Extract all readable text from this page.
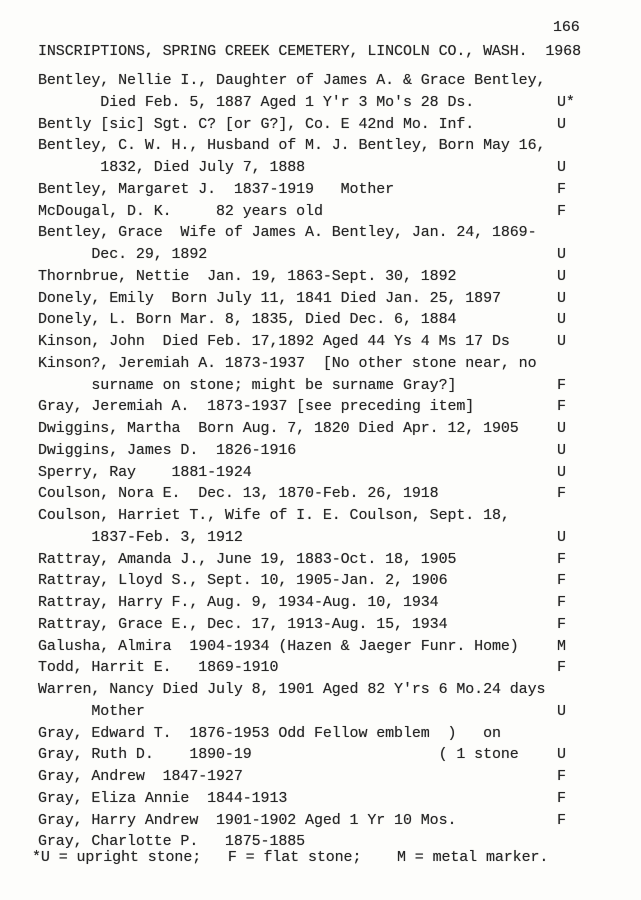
166
INSCRIPTIONS, SPRING CREEK CEMETERY, LINCOLN CO., WASH.  1968
Bentley, Nellie I., Daughter of James A. & Grace Bentley,
Died Feb. 5, 1887 Aged 1 Y'r 3 Mo's 28 Ds.	U*
Bently [sic] Sgt. C? [or G?], Co. E 42nd Mo. Inf.	U
Bentley, C. W. H., Husband of M. J. Bentley, Born May 16,
1832, Died July 7, 1888	U
Bentley, Margaret J.  1837-1919   Mother	F
McDougal, D. K.     82 years old	F
Bentley, Grace  Wife of James A. Bentley, Jan. 24, 1869-
Dec. 29, 1892	U
Thornbrue, Nettie  Jan. 19, 1863-Sept. 30, 1892	U
Donely, Emily  Born July 11, 1841 Died Jan. 25, 1897	U
Donely, L. Born Mar. 8, 1835, Died Dec. 6, 1884	U
Kinson, John  Died Feb. 17,1892 Aged 44 Ys 4 Ms 17 Ds	U
Kinson?, Jeremiah A. 1873-1937  [No other stone near, no
surname on stone; might be surname Gray?]	F
Gray, Jeremiah A.  1873-1937 [see preceding item]	F
Dwiggins, Martha  Born Aug. 7, 1820 Died Apr. 12, 1905	U
Dwiggins, James D.  1826-1916	U
Sperry, Ray    1881-1924	U
Coulson, Nora E.  Dec. 13, 1870-Feb. 26, 1918	F
Coulson, Harriet T., Wife of I. E. Coulson, Sept. 18,
1837-Feb. 3, 1912	U
Rattray, Amanda J., June 19, 1883-Oct. 18, 1905	F
Rattray, Lloyd S., Sept. 10, 1905-Jan. 2, 1906	F
Rattray, Harry F., Aug. 9, 1934-Aug. 10, 1934	F
Rattray, Grace E., Dec. 17, 1913-Aug. 15, 1934	F
Galusha, Almira  1904-1934 (Hazen & Jaeger Funr. Home)	M
Todd, Harrit E.   1869-1910	F
Warren, Nancy Died July 8, 1901 Aged 82 Y'rs 6 Mo.24 days
Mother	U
Gray, Edward T.  1876-1953 Odd Fellow emblem  )   on
Gray, Ruth D.    1890-19                     ( 1 stone	U
Gray, Andrew  1847-1927	F
Gray, Eliza Annie  1844-1913	F
Gray, Harry Andrew  1901-1902 Aged 1 Yr 10 Mos.	F
Gray, Charlotte P.   1875-1885
*U = upright stone;   F = flat stone;    M = metal marker.
